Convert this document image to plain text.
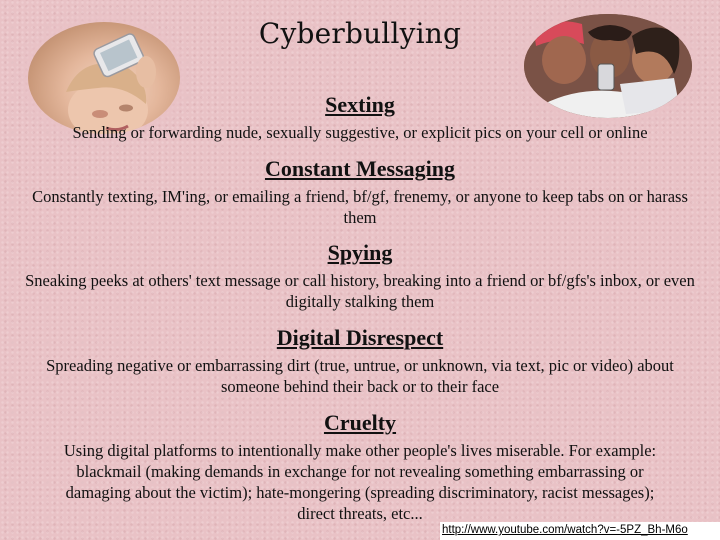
Cyberbullying

Sexting

Sending or forwarding nude, sexually suggestive, or explicit pics on your cell or online

Constant Messaging

Constantly texting, IM'ing, or emailing a friend, bf/gf, frenemy, or anyone to keep tabs on or harass them

Spying

Sneaking peeks at others' text message or call history, breaking into a friend or bf/gfs's inbox, or even digitally stalking them

Digital Disrespect

Spreading negative or embarrassing dirt (true, untrue, or unknown, via text, pic or video) about someone behind their back or to their face

Cruelty

Using digital platforms to intentionally make other people's lives miserable. For example: blackmail (making demands in exchange for not revealing something embarrassing or damaging about the victim); hate-mongering (spreading discriminatory, racist messages); direct threats, etc...

http://www.youtube.com/watch?v=-5PZ_Bh-M6o
